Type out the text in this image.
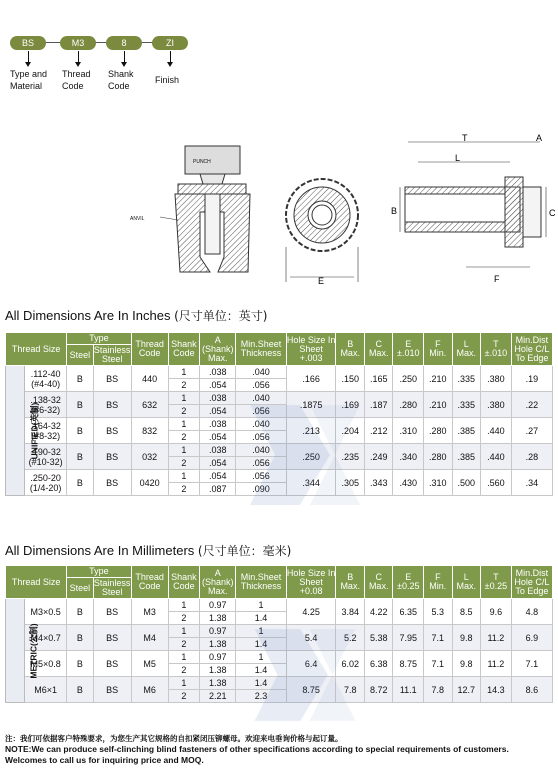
BS	M3	8	ZI
Type and
Material
Thread
Code
Shank
Code
Finish
PUNCH
ANVIL
E
T
L
A
B	C
F
All Dimensions Are In Inches (尺寸单位：英寸)
Thread Size		Type		Thread Code	Shank Code	A
(Shank) Max.	Min.Sheet Thickness	Hole Size In Sheet
+.003	B
Max.	C
Max.	E
±.010	F
Min.	L
Max.	T
±.010	Min.Dist Hole C/L To Edge
		Steel	Stainless Steel												
UNIFIED(英制)	.112-40
(#4-40)	B	BS	440	1	.038	.040	.166	.150	.165	.250	.210	.335	.380	.19
					2	.054	.056								

	.138-32
(#6-32)	B	BS	632	1	.038	.040	.1875	.169	.187	.280	.210	.335	.380	.22
					2	.054	.056								

	.164-32
(#8-32)	B	BS	832	1	.038	.040	.213	.204	.212	.310	.280	.385	.440	.27
					2	.054	.056								

	.190-32
(#10-32)	B	BS	032	1	.038	.040	.250	.235	.249	.340	.280	.385	.440	.28
					2	.054	.056								

	.250-20
(1/4-20)	B	BS	0420	1	.054	.056	.344	.305	.343	.430	.310	.500	.560	.34
					2	.087	.090								
All Dimensions Are In Millimeters (尺寸单位：毫米)
Thread Size		Type		Thread Code	Shank Code	A
(Shank) Max.	Min.Sheet Thickness	Hole Size In Sheet
+0.08	B
Max.	C
Max.	E
±0.25	F
Min.	L
Max.	T
±0.25	Min.Dist Hole C/L To Edge
		Steel	Stainless Steel												
METRIC(公制)	M3×0.5	B	BS	M3	1	0.97	1	4.25	3.84	4.22	6.35	5.3	8.5	9.6	4.8
					2	1.38	1.4								

	M4×0.7	B	BS	M4	1	0.97	1	5.4	5.2	5.38	7.95	7.1	9.8	11.2	6.9
					2	1.38	1.4								

	M5×0.8	B	BS	M5	1	0.97	1	6.4	6.02	6.38	8.75	7.1	9.8	11.2	7.1
					2	1.38	1.4								

	M6×1	B	BS	M6	1	1.38	1.4	8.75	7.8	8.72	11.1	7.8	12.7	14.3	8.6
					2	2.21	2.3								
注：我们可依据客户特殊要求，为您生产其它规格的自扣紧闭压铆螺母。欢迎来电垂询价格与起订量。
NOTE:We can produce self-clinching blind fasteners of other specifications according to special requirements of customers.
Welcomes to call us for inquiring price and MOQ.
